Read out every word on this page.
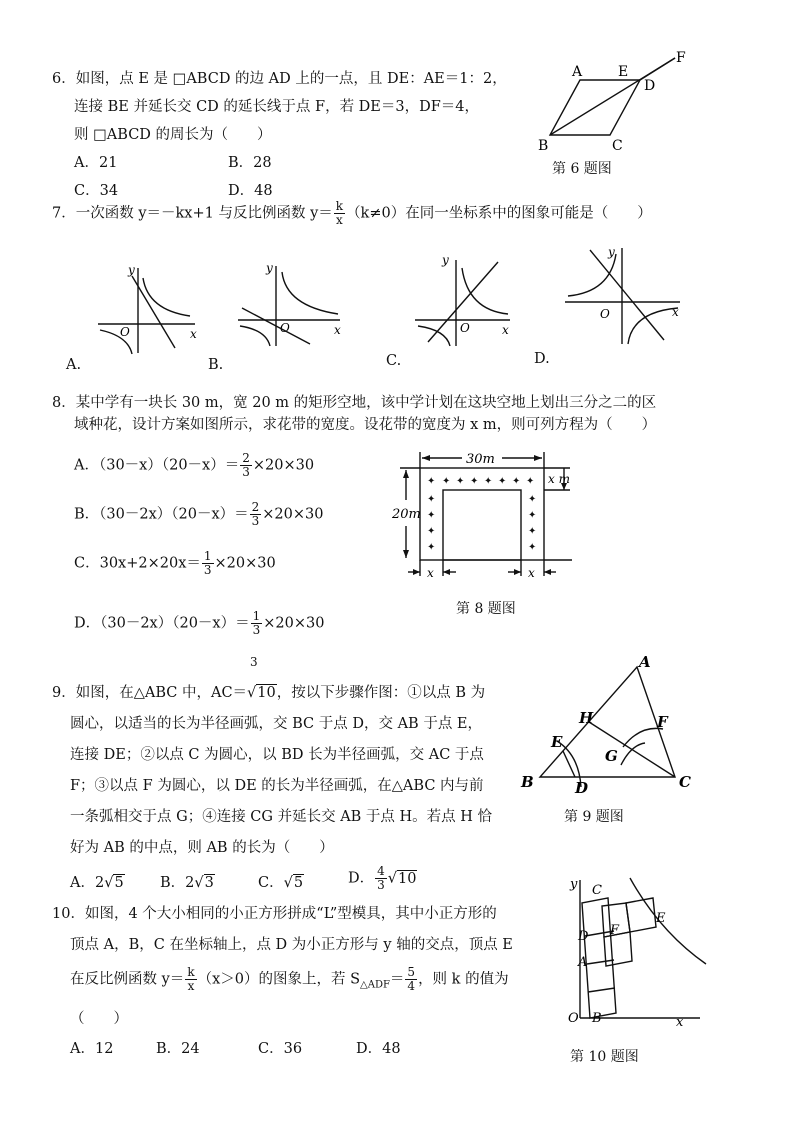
6．如图，点 E 是 □ABCD 的边 AD 上的一点，且 DE：AE＝1：2，
连接 BE 并延长交 CD 的延长线于点 F，若 DE＝3，DF＝4，
则 □ABCD 的周长为（　　）
A．21	B．28
C．34	D．48
A	E
F
D
B	C
第 6 题图
7．一次函数 y＝－kx+1 与反比例函数 $y= \frac{k}{x} (k\ne 0)$在同一坐标系中的图象可能是（　　）
x
y
O
A.
x
y
O
B.
x
y
O
C.
x
y
O
D.
8．某中学有一块长 30 m，宽 20 m 的矩形空地，该中学计划在这块空地上划出三分之二的区
域种花，设计方案如图所示，求花带的宽度。设花带的宽度为 x m，则可列方程为（　　）
A．$(30-x)(20-x)= \frac{2}{3} \times 20\times 30$
B．$(30-2x)(20-x)= \frac{2}{3} \times 20\times 30$
C．$30x+2\times 20x= \frac{1}{3} \times 20\times 30$
D．$(30-2x)(20-x)= \frac{1}{3} \times 20\times 30$
3
30m
20m
x m
x	x
✦ ✦ ✦ ✦ ✦ ✦ ✦ ✦
✦
✦
✦
✦
✦
✦
✦
✦
第 8 题图
9．如图，在△ABC 中，AC＝√10，按以下步骤作图：①以点 B 为
圆心，以适当的长为半径画弧，交 BC 于点 D，交 AB 于点 E，
连接 DE；②以点 C 为圆心，以 BD 长为半径画弧，交 AC 于点
F；③以点 F 为圆心，以 DE 的长为半径画弧，在△ABC 内与前
一条弧相交于点 G；④连接 CG 并延长交 AB 于点 H。若点 H 恰
好为 AB 的中点，则 AB 的长为（　　）
A．2√5	B．2√3	C．√5	D． $\frac{4}{3} √10$
A
B	C
D
E
F
G
H
第 9 题图
10．如图，4 个大小相同的小正方形拼成“L”型模具，其中小正方形的
顶点 A，B，C 在坐标轴上，点 D 为小正方形与 y 轴的交点，顶点 E
在反比例函数 $y= \frac{k}{x} (x>0)$的图象上，若 $S_{\triangle ADF}= \frac{5}{4}$ ，则 k 的值为
（　　）
A．12	B．24	C．36	D．48
y
x
O
C
D
A
F
E
B
第 10 题图
